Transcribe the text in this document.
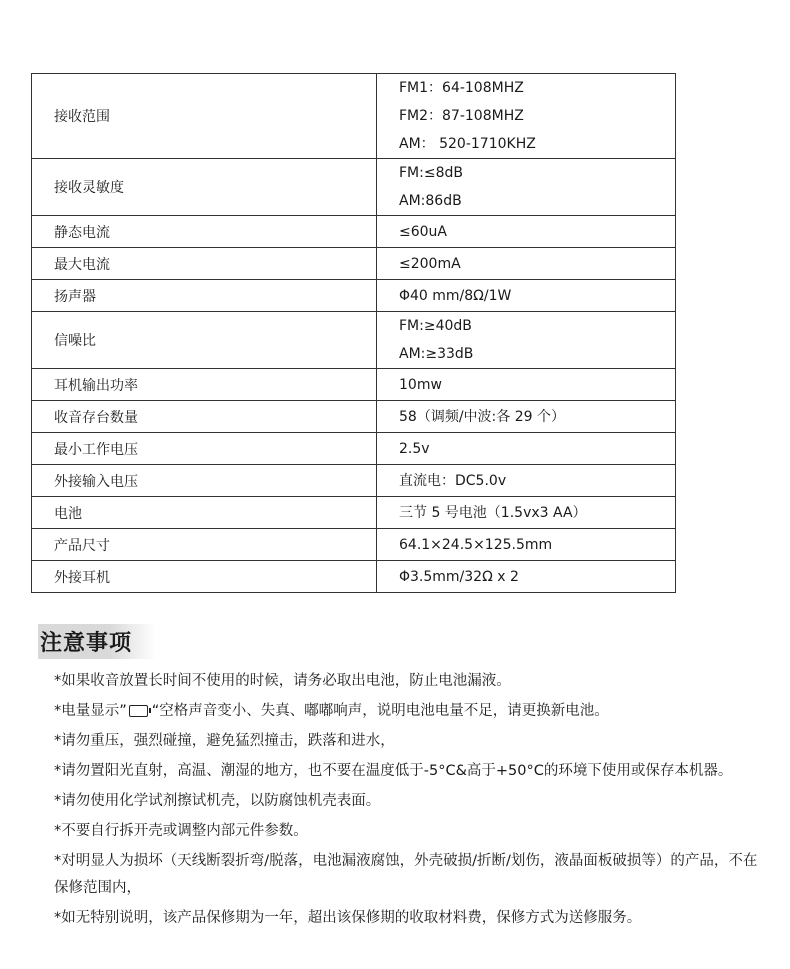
接收范围	FM1：64-108MHZ
FM2：87-108MHZ
AM： 520-1710KHZ

接收灵敏度	FM:≤8dB
AM:86dB

静态电流	≤60uA

最大电流	≤200mA

扬声器	Φ40 mm/8Ω/1W

信噪比	FM:≥40dB
AM:≥33dB

耳机输出功率	10mw

收音存台数量	58（调频/中波:各 29 个）

最小工作电压	2.5v

外接输入电压	直流电：DC5.0v

电池	三节 5 号电池（1.5vx3 AA）

产品尺寸	64.1×24.5×125.5mm

外接耳机	Φ3.5mm/32Ω x 2
注意事项
*如果收音放置长时间不使用的时候，请务必取出电池，防止电池漏液。
*电量显示” “空格声音变小、失真、嘟嘟响声，说明电池电量不足，请更换新电池。
*请勿重压，强烈碰撞，避免猛烈撞击，跌落和进水，
*请勿置阳光直射，高温、潮湿的地方，也不要在温度低于-5°C&高于+50°C的环境下使用或保存本机器。
*请勿使用化学试剂擦试机壳，以防腐蚀机壳表面。
*不要自行拆开壳或调整内部元件参数。
*对明显人为损坏（天线断裂折弯/脱落，电池漏液腐蚀，外壳破损/折断/划伤，液晶面板破损等）的产品，不在保修范围内，
*如无特别说明，该产品保修期为一年，超出该保修期的收取材料费，保修方式为送修服务。
